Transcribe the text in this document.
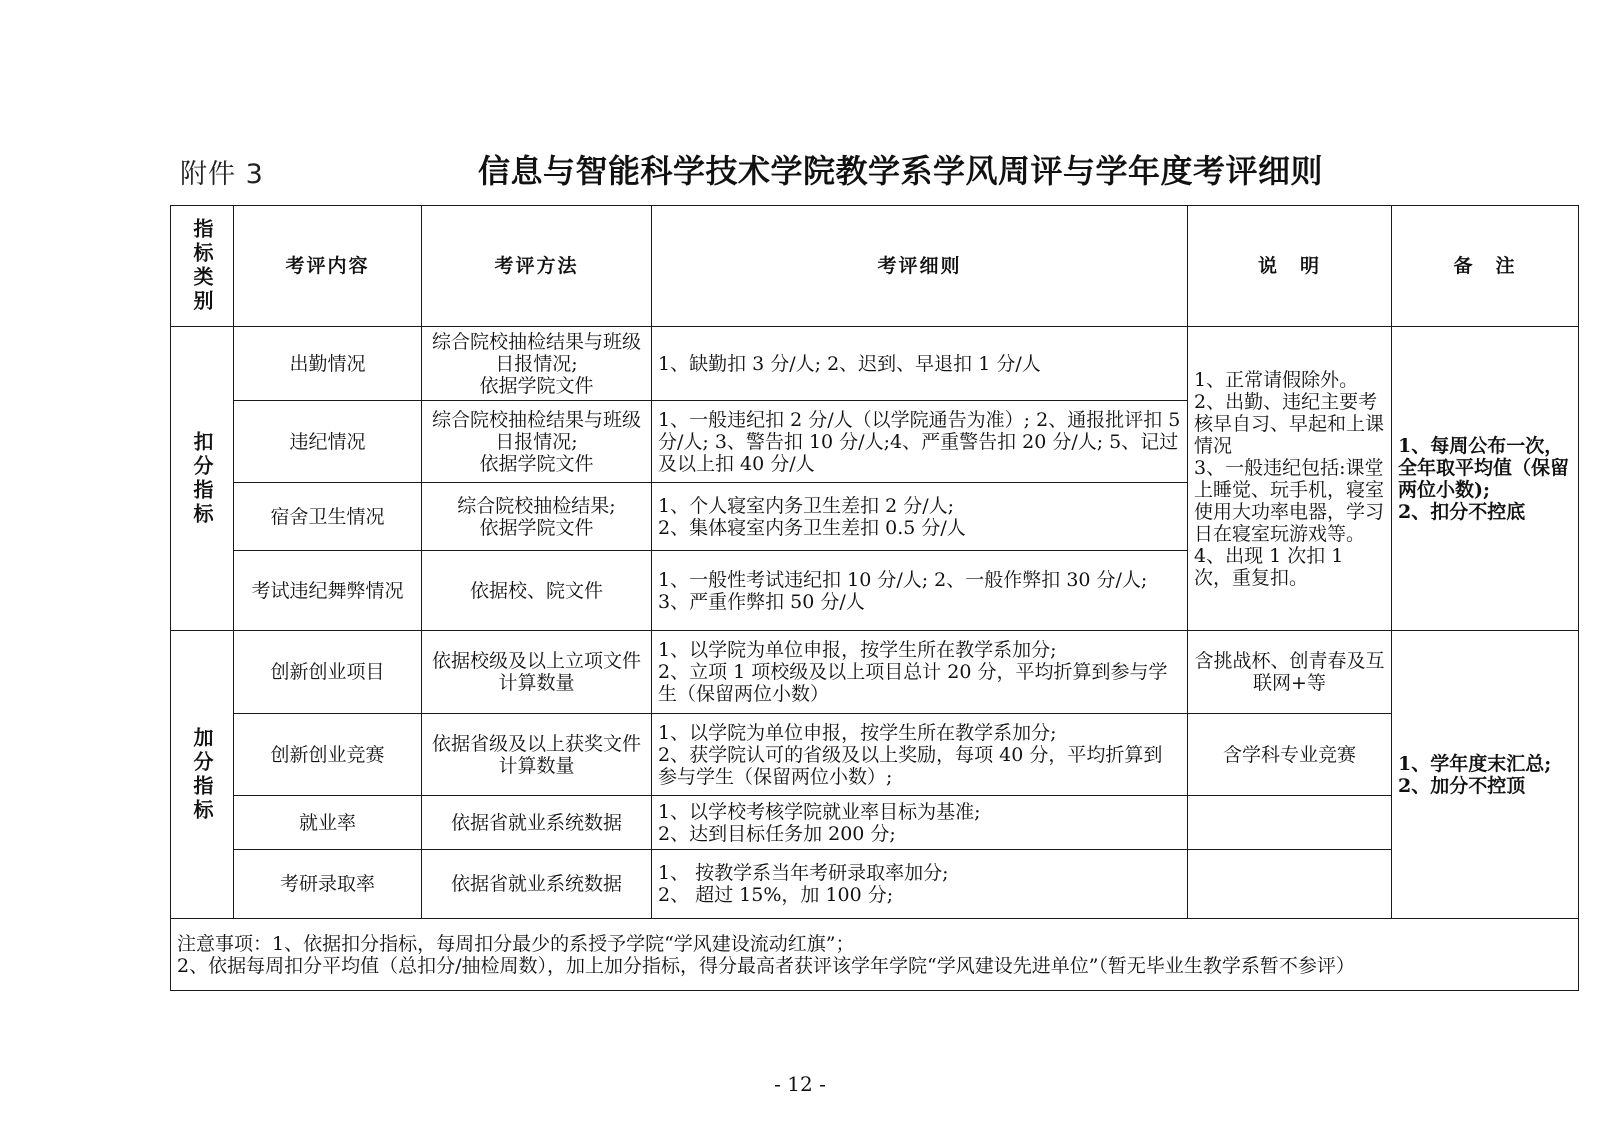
附件 3	信息与智能科学技术学院教学系学风周评与学年度考评细则
指标类别	考评内容	考评方法	考评细则	说　明	备　注

扣分指标	出勤情况	综合院校抽检结果与班级日报情况;
依据学院文件	1、缺勤扣 3 分/人; 2、迟到、早退扣 1 分/人	1、正常请假除外。
2、出勤、违纪主要考核早自习、早起和上课情况
3、一般违纪包括:课堂上睡觉、玩手机，寝室使用大功率电器，学习日在寝室玩游戏等。
4、出现 1 次扣 1 次，重复扣。	1、每周公布一次，全年取平均值（保留两位小数);
2、扣分不控底
	违纪情况	综合院校抽检结果与班级日报情况;
依据学院文件	1、一般违纪扣 2 分/人（以学院通告为准）; 2、通报批评扣 5 分/人; 3、警告扣 10 分/人;4、严重警告扣 20 分/人; 5、记过及以上扣 40 分/人		
	宿舍卫生情况	综合院校抽检结果;
依据学院文件	1、个人寝室内务卫生差扣 2 分/人;
2、集体寝室内务卫生差扣 0.5 分/人		
	考试违纪舞弊情况	依据校、院文件	1、一般性考试违纪扣 10 分/人; 2、一般作弊扣 30 分/人; 3、严重作弊扣 50 分/人		

加分指标	创新创业项目	依据校级及以上立项文件计算数量	1、以学院为单位申报，按学生所在教学系加分;
2、立项 1 项校级及以上项目总计 20 分，平均折算到参与学生（保留两位小数）	含挑战杯、创青春及互联网+等	1、学年度末汇总;
2、加分不控顶
	创新创业竞赛	依据省级及以上获奖文件计算数量	1、以学院为单位申报，按学生所在教学系加分;
2、获学院认可的省级及以上奖励，每项 40 分，平均折算到参与学生（保留两位小数）;	含学科专业竞赛	
	就业率	依据省就业系统数据	1、以学校考核学院就业率目标为基准;
2、达到目标任务加 200 分;		
	考研录取率	依据省就业系统数据	1、 按教学系当年考研录取率加分;
2、 超过 15%，加 100 分;		
注意事项：1、依据扣分指标，每周扣分最少的系授予学院“学风建设流动红旗”；
2、依据每周扣分平均值（总扣分/抽检周数），加上加分指标，得分最高者获评该学年学院“学风建设先进单位”（暂无毕业生教学系暂不参评）					
- 12 -
